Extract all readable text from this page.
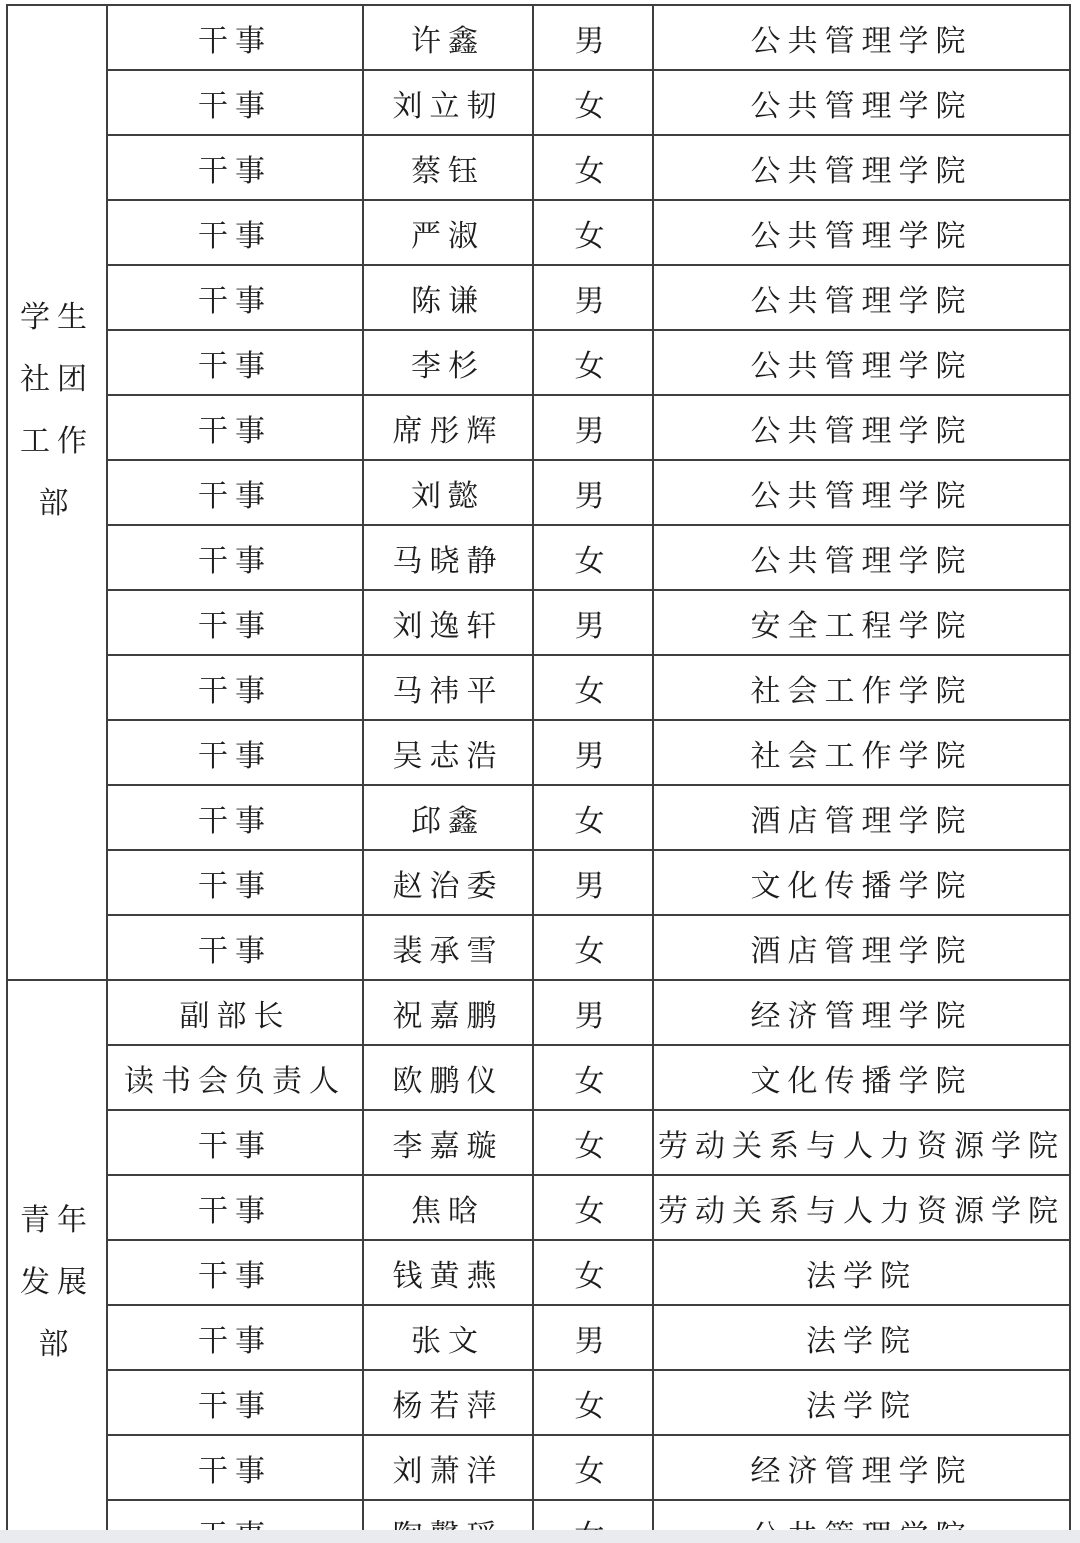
学生
社团
工作
部	干事	许鑫	男	公共管理学院
	干事	刘立韧	女	公共管理学院
	干事	蔡钰	女	公共管理学院
	干事	严淑	女	公共管理学院
	干事	陈谦	男	公共管理学院
	干事	李杉	女	公共管理学院
	干事	席彤辉	男	公共管理学院
	干事	刘懿	男	公共管理学院
	干事	马晓静	女	公共管理学院
	干事	刘逸轩	男	安全工程学院
	干事	马祎平	女	社会工作学院
	干事	吴志浩	男	社会工作学院
	干事	邱鑫	女	酒店管理学院
	干事	赵治委	男	文化传播学院
	干事	裴承雪	女	酒店管理学院

青年
发展
部	副部长	祝嘉鹏	男	经济管理学院
	读书会负责人	欧鹏仪	女	文化传播学院
	干事	李嘉璇	女	劳动关系与人力资源学院
	干事	焦晗	女	劳动关系与人力资源学院
	干事	钱黄燕	女	法学院
	干事	张文	男	法学院
	干事	杨若萍	女	法学院
	干事	刘萧洋	女	经济管理学院
